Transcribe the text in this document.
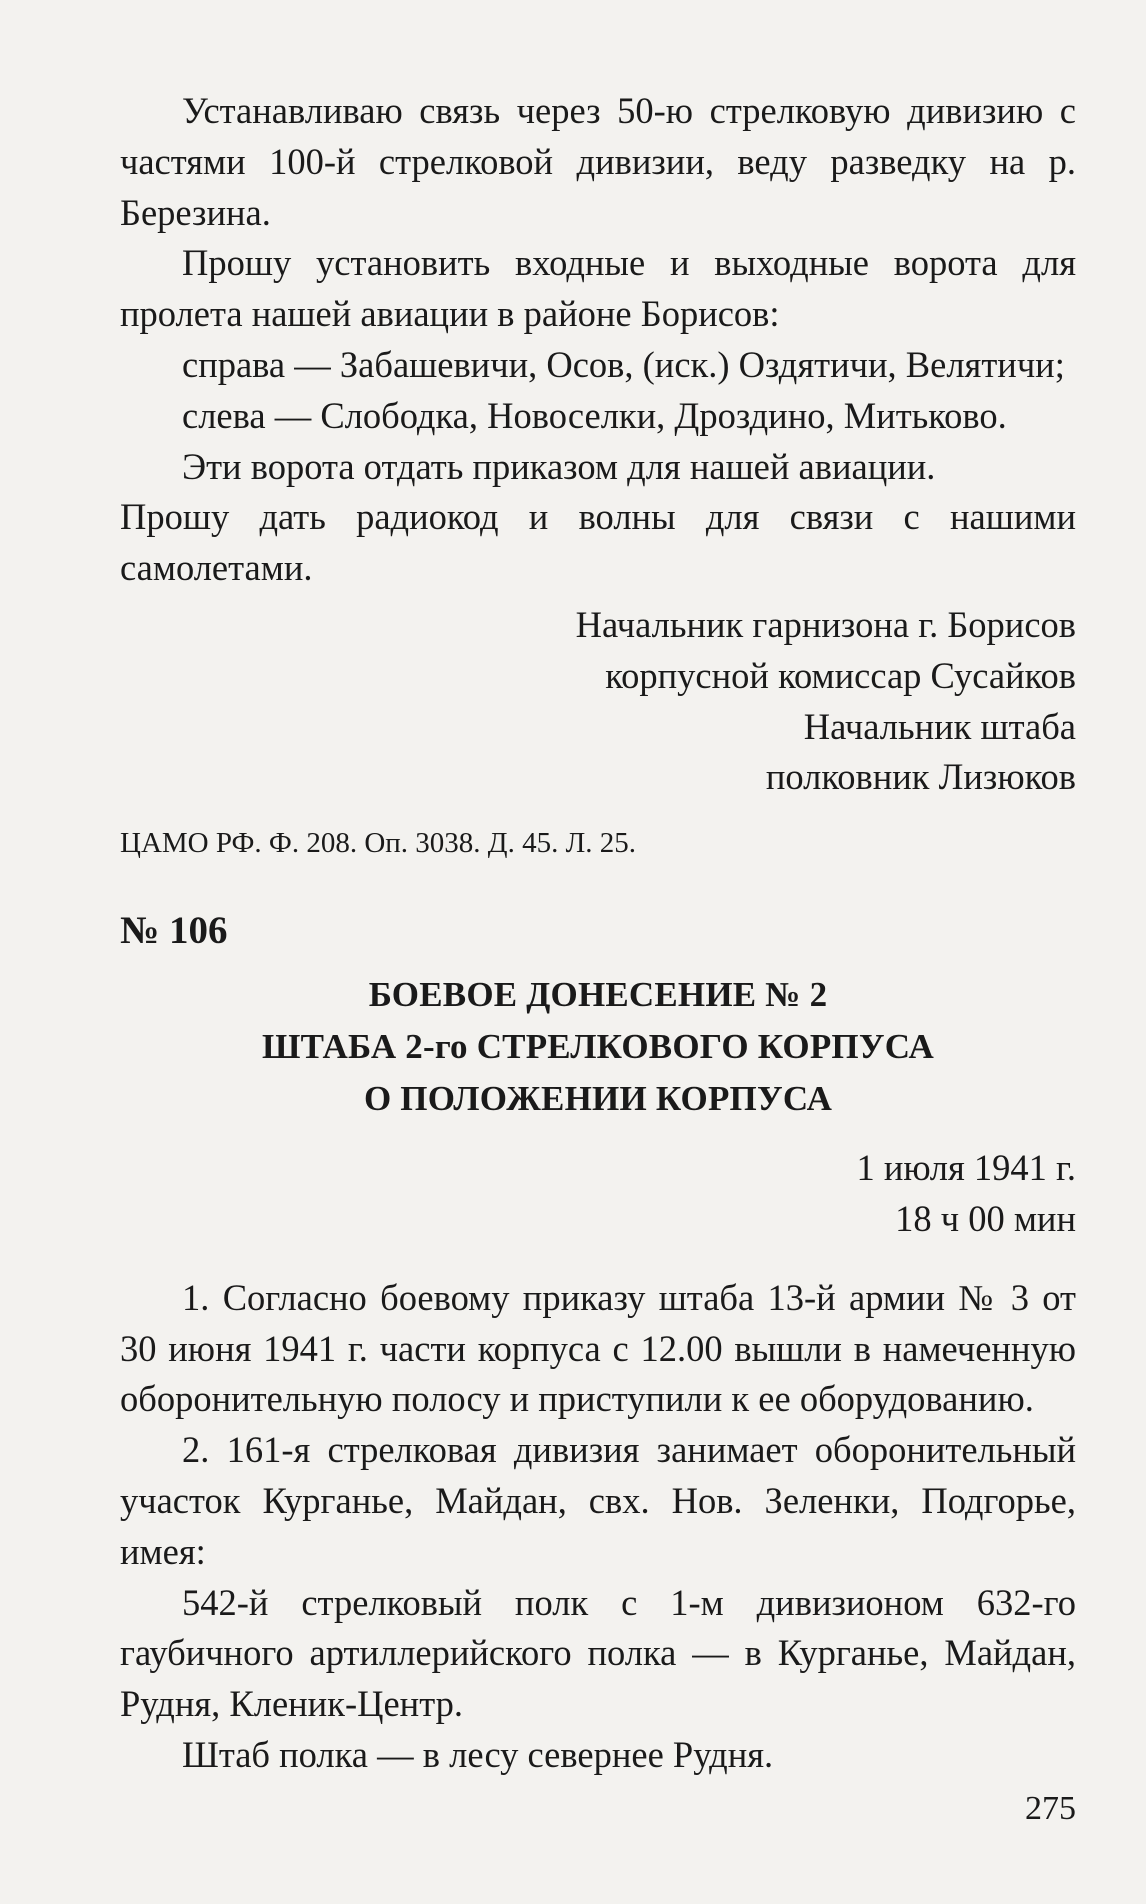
Устанавливаю связь через 50-ю стрелковую дивизию с частями 100-й стрелковой дивизии, веду разведку на р. Березина.

Прошу установить входные и выходные ворота для пролета нашей авиации в районе Борисов:

справа — Забашевичи, Осов, (иск.) Оздятичи, Велятичи;

слева — Слободка, Новоселки, Дроздино, Митьково.

Эти ворота отдать приказом для нашей авиации.

Прошу дать радиокод и волны для связи с нашими самолетами.

Начальник гарнизона г. Борисов

корпусной комиссар Сусайков

Начальник штаба

полковник Лизюков

ЦАМО РФ. Ф. 208. Оп. 3038. Д. 45. Л. 25.

№ 106

БОЕВОЕ ДОНЕСЕНИЕ № 2

ШТАБА 2-го СТРЕЛКОВОГО КОРПУСА

О ПОЛОЖЕНИИ КОРПУСА

1 июля 1941 г.

18 ч 00 мин

1. Согласно боевому приказу штаба 13-й армии № 3 от 30 июня 1941 г. части корпуса с 12.00 вышли в намеченную оборонительную полосу и приступили к ее оборудованию.

2. 161-я стрелковая дивизия занимает оборонительный участок Курганье, Майдан, свх. Нов. Зеленки, Подгорье, имея:

542-й стрелковый полк с 1-м дивизионом 632-го гаубичного артиллерийского полка — в Курганье, Майдан, Рудня, Кленик-Центр.

Штаб полка — в лесу севернее Рудня.

275
